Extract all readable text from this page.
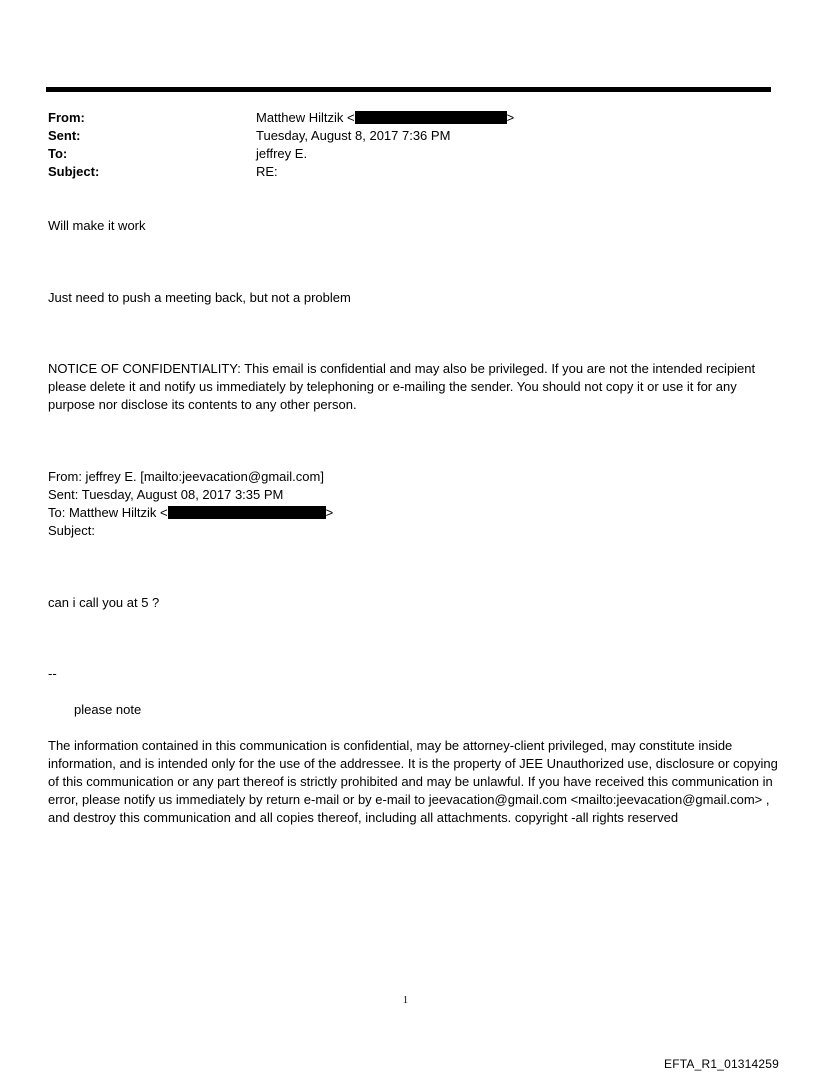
From:	Matthew Hiltzik <	>
Sent:	Tuesday, August 8, 2017 7:36 PM
To:	jeffrey E.
Subject:	RE:
Will make it work
Just need to push a meeting back, but not a problem
NOTICE OF CONFIDENTIALITY: This email is confidential and may also be privileged. If you are not the intended recipient please delete it and notify us immediately by telephoning or e-mailing the sender. You should not copy it or use it for any purpose nor disclose its contents to any other person.
From: jeffrey E. [mailto:jeevacation@gmail.com]
Sent: Tuesday, August 08, 2017 3:35 PM
To: Matthew Hiltzik <	>
Subject:
can i call you at 5 ?
--
please note
The information contained in this communication is confidential, may be attorney-client privileged, may constitute inside information, and is intended only for the use of the addressee. It is the property of JEE Unauthorized use, disclosure or copying of this communication or any part thereof is strictly prohibited and may be unlawful. If you have received this communication in error, please notify us immediately by return e-mail or by e-mail to jeevacation@gmail.com <mailto:jeevacation@gmail.com> , and destroy this communication and all copies thereof, including all attachments. copyright -all rights reserved
1
EFTA_R1_01314259
